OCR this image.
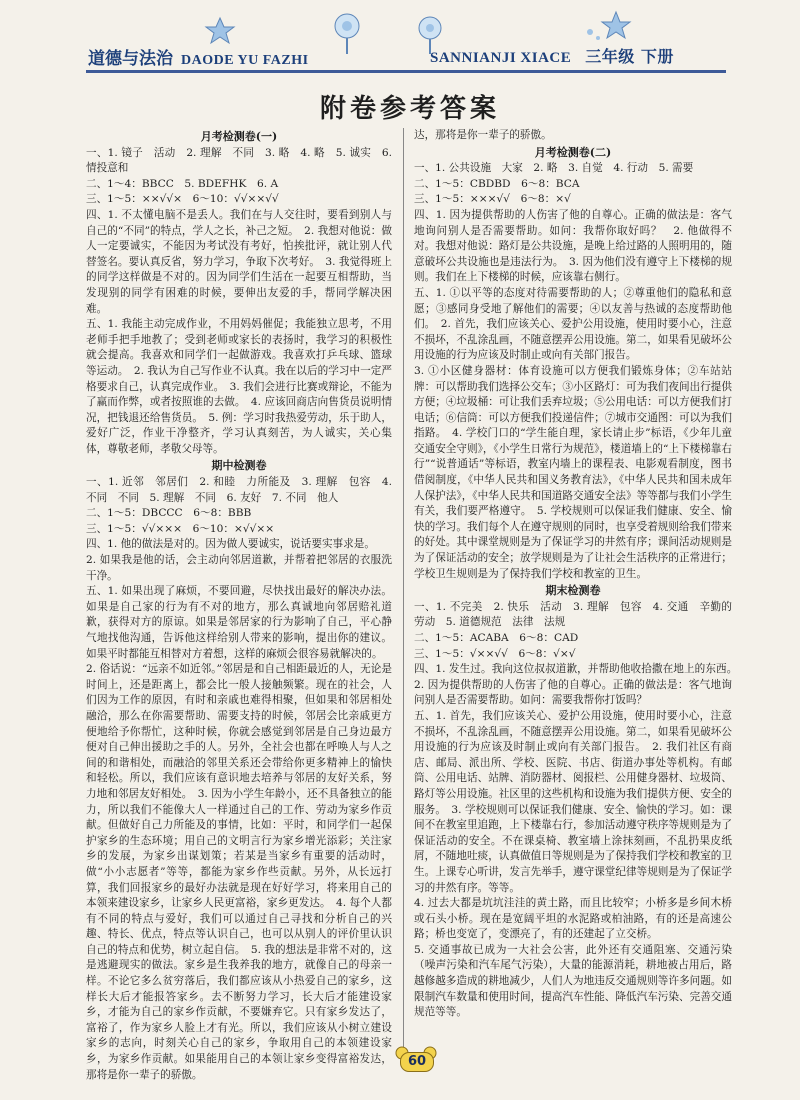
道德与法治 DAODE YU FAZHI	SANNIANJI XIACE 三年级 下册
附卷参考答案

月考检测卷(一)

一、1. 镜子　活动　2. 理解　不同　3. 略　4. 略　5. 诚实　6. 情投意和

二、1～4：BBCC　5. BDEFHK　6. A

三、1～5：××√√×　6～10：√√××√√

四、1. 不太懂电脑不是丢人。我们在与人交往时，要看到别人与自己的“不同”的特点，学人之长，补己之短。　2. 我想对他说：做人一定要诚实，不能因为考试没有考好，怕挨批评，就让别人代替签名。要认真反省，努力学习，争取下次考好。　3. 我觉得班上的同学这样做是不对的。因为同学们生活在一起要互相帮助，当发现别的同学有困难的时候，要伸出友爱的手，帮同学解决困难。

五、1. 我能主动完成作业，不用妈妈催促；我能独立思考，不用老师手把手地教了；受到老师或家长的表扬时，我学习的积极性就会提高。我喜欢和同学们一起做游戏。我喜欢打乒乓球、篮球等运动。　2. 我认为自己写作业不认真。我在以后的学习中一定严格要求自己，认真完成作业。　3. 我们会进行比赛或辩论，不能为了赢而作弊，或者按照谁的去做。　4. 应该回商店向售货员说明情况，把钱退还给售货员。　5. 例：学习时我热爱劳动，乐于助人，爱好广泛，作业干净整齐，学习认真刻苦，为人诚实，关心集体，尊敬老师，孝敬父母等。

期中检测卷

一、1. 近邻　邻居们　2. 和睦　力所能及　3. 理解　包容　4. 不同　不同　5. 理解　不同　6. 友好　7. 不同　他人

二、1～5：DBCCC　6～8：BBB

三、1～5：√√×××　6～10：×√√××

四、1. 他的做法是对的。因为做人要诚实，说话要实事求是。

2. 如果我是他的话，会主动向邻居道歉，并帮着把邻居的衣服洗干净。

五、1. 如果出现了麻烦，不要回避，尽快找出最好的解决办法。如果是自己家的行为有不对的地方，那么真诚地向邻居赔礼道歉，获得对方的原谅。如果是邻居家的行为影响了自己，平心静气地找他沟通，告诉他这样给别人带来的影响，提出你的建议。如果平时都能互相替对方着想，这样的麻烦会很容易就解决的。

2. 俗话说：“远亲不如近邻。”邻居是和自己相距最近的人，无论是时间上，还是距离上，都会比一般人接触频繁。现在的社会，人们因为工作的原因，有时和亲戚也难得相聚，但如果和邻居相处融洽，那么在你需要帮助、需要支持的时候，邻居会比亲戚更方便地给予你帮忙，这种时候，你就会感觉到邻居是自己身边最方便对自己伸出援助之手的人。另外，全社会也都在呼唤人与人之间的和谐相处，而融洽的邻里关系还会带给你更多精神上的愉快和轻松。所以，我们应该有意识地去培养与邻居的友好关系，努力地和邻居友好相处。　3. 因为小学生年龄小，还不具备独立的能力，所以我们不能像大人一样通过自己的工作、劳动为家乡作贡献。但做好自己力所能及的事情，比如：平时，和同学们一起保护家乡的生态环境；用自己的文明言行为家乡增光添彩；关注家乡的发展，为家乡出谋划策；若某是当家乡有重要的活动时，做“小小志愿者”等等，都能为家乡作些贡献。另外，从长远打算，我们回报家乡的最好办法就是现在好好学习，将来用自己的本领来建设家乡，让家乡人民更富裕，家乡更发达。　4. 每个人都有不同的特点与爱好，我们可以通过自己寻找和分析自己的兴趣、特长、优点，特点等认识自己，也可以从别人的评价里认识自己的特点和优势，树立起自信。　5. 我的想法是非常不对的，这是逃避现实的做法。家乡是生我养我的地方，就像自己的母亲一样。不论它多么贫穷落后，我们都应该从小热爱自己的家乡，这样长大后才能报答家乡。去不断努力学习，长大后才能建设家乡，才能为自己的家乡作贡献，不要嫌弃它。只有家乡发达了，富裕了，作为家乡人脸上才有光。所以，我们应该从小树立建设家乡的志向，时刻关心自己的家乡，争取用自己的本领建设家乡，为家乡作贡献。如果能用自己的本领让家乡变得富裕发达，那将是你一辈子的骄傲。

达，那将是你一辈子的骄傲。

月考检测卷(二)

一、1. 公共设施　大家　2. 略　3. 自觉　4. 行动　5. 需要

二、1～5：CBDBD　6～8：BCA

三、1～5：×××√√　6～8：×√

四、1. 因为提供帮助的人伤害了他的自尊心。正确的做法是：客气地询问别人是否需要帮助。如问：我帮你取好吗？　2. 他做得不对。我想对他说：路灯是公共设施，是晚上给过路的人照明用的，随意破坏公共设施也是违法行为。　3. 因为他们没有遵守上下楼梯的规则。我们在上下楼梯的时候，应该靠右侧行。

五、1. ①以平等的态度对待需要帮助的人；②尊重他们的隐私和意愿；③感同身受地了解他们的需要；④以友善与热诚的态度帮助他们。　2. 首先，我们应该关心、爱护公用设施，使用时要小心，注意不损坏，不乱涂乱画，不随意摆弄公用设施。第二，如果看见破坏公用设施的行为应该及时制止或向有关部门报告。

3. ①小区健身器材：体育设施可以方便我们锻炼身体；②车站站牌：可以帮助我们选择公交车；③小区路灯：可为我们夜间出行提供方便；④垃圾桶：可让我们丢弃垃圾；⑤公用电话：可以方便我们打电话；⑥信筒：可以方便我们投递信件；⑦城市交通图：可以为我们指路。　4. 学校门口的“学生能自理，家长请止步”标语，《少年儿童交通安全守则》，《小学生日常行为规范》，楼道墙上的“上下楼梯靠右行”“说普通话”等标语，教室内墙上的课程表、电影观看制度，图书借阅制度，《中华人民共和国义务教育法》，《中华人民共和国未成年人保护法》，《中华人民共和国道路交通安全法》等等都与我们小学生有关，我们要严格遵守。　5. 学校规则可以保证我们健康、安全、愉快的学习。我们每个人在遵守规则的同时，也享受着规则给我们带来的好处。其中课堂规则是为了保证学习的井然有序；课间活动规则是为了保证活动的安全；放学规则是为了让社会生活秩序的正常进行；学校卫生规则是为了保持我们学校和教室的卫生。

期末检测卷

一、1. 不完美　2. 快乐　活动　3. 理解　包容　4. 交通　辛勤的劳动　5. 道德规范　法律　法规

二、1～5：ACABA　6～8：CAD

三、1～5：√××√√　6～8：√×√

四、1. 发生过。我向这位叔叔道歉，并帮助他收拾撒在地上的东西。　2. 因为提供帮助的人伤害了他的自尊心。正确的做法是：客气地询问别人是否需要帮助。如问：需要我帮你打饭吗？

五、1. 首先，我们应该关心、爱护公用设施，使用时要小心，注意不损坏，不乱涂乱画，不随意摆弄公用设施。第二，如果看见破坏公用设施的行为应该及时制止或向有关部门报告。　2. 我们社区有商店、邮局、派出所、学校、医院、书店、街道办事处等机构。有邮筒、公用电话、站牌、消防器材、阅报栏、公用健身器材、垃圾筒、路灯等公用设施。社区里的这些机构和设施为我们提供方便、安全的服务。　3. 学校规则可以保证我们健康、安全、愉快的学习。如：课间不在教室里追跑，上下楼靠右行，参加活动遵守秩序等规则是为了保证活动的安全。不在课桌椅、教室墙上涂抹刻画，不乱扔果皮纸屑，不随地吐痰，认真做值日等规则是为了保持我们学校和教室的卫生。上课专心听讲，发言先举手，遵守课堂纪律等规则是为了保证学习的井然有序。等等。

4. 过去大都是坑坑洼洼的黄土路，而且比较窄；小桥多是乡间木桥或石头小桥。现在是宽阔平坦的水泥路或柏油路，有的还是高速公路；桥也变宽了，变漂亮了，有的还建起了立交桥。

5. 交通事故已成为一大社会公害，此外还有交通阻塞、交通污染（噪声污染和汽车尾气污染），大量的能源消耗，耕地被占用后，路越修越多造成的耕地减少，人们人为地违反交通规则等许多问题。如限制汽车数量和使用时间，提高汽车性能、降低汽车污染、完善交通规范等等。

60
